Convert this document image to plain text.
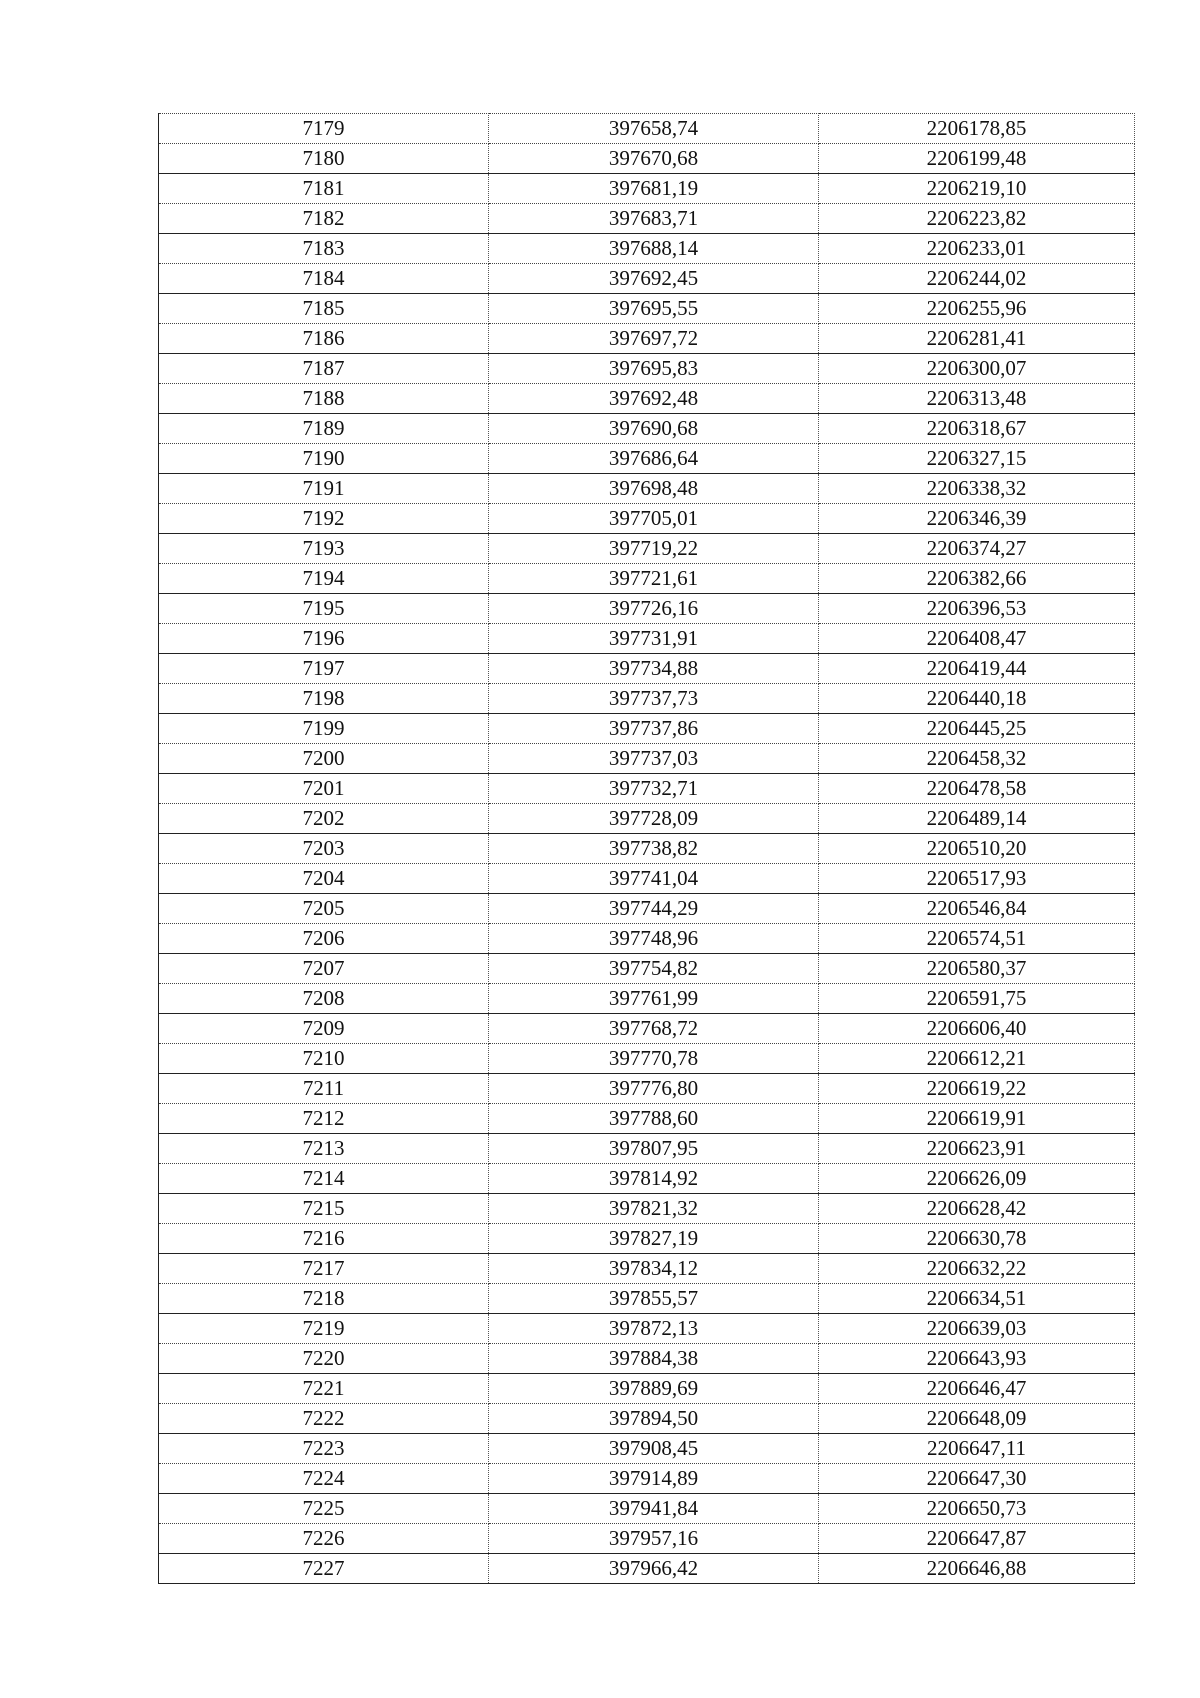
7179	397658,74	2206178,85
7180	397670,68	2206199,48
7181	397681,19	2206219,10
7182	397683,71	2206223,82
7183	397688,14	2206233,01
7184	397692,45	2206244,02
7185	397695,55	2206255,96
7186	397697,72	2206281,41
7187	397695,83	2206300,07
7188	397692,48	2206313,48
7189	397690,68	2206318,67
7190	397686,64	2206327,15
7191	397698,48	2206338,32
7192	397705,01	2206346,39
7193	397719,22	2206374,27
7194	397721,61	2206382,66
7195	397726,16	2206396,53
7196	397731,91	2206408,47
7197	397734,88	2206419,44
7198	397737,73	2206440,18
7199	397737,86	2206445,25
7200	397737,03	2206458,32
7201	397732,71	2206478,58
7202	397728,09	2206489,14
7203	397738,82	2206510,20
7204	397741,04	2206517,93
7205	397744,29	2206546,84
7206	397748,96	2206574,51
7207	397754,82	2206580,37
7208	397761,99	2206591,75
7209	397768,72	2206606,40
7210	397770,78	2206612,21
7211	397776,80	2206619,22
7212	397788,60	2206619,91
7213	397807,95	2206623,91
7214	397814,92	2206626,09
7215	397821,32	2206628,42
7216	397827,19	2206630,78
7217	397834,12	2206632,22
7218	397855,57	2206634,51
7219	397872,13	2206639,03
7220	397884,38	2206643,93
7221	397889,69	2206646,47
7222	397894,50	2206648,09
7223	397908,45	2206647,11
7224	397914,89	2206647,30
7225	397941,84	2206650,73
7226	397957,16	2206647,87
7227	397966,42	2206646,88
